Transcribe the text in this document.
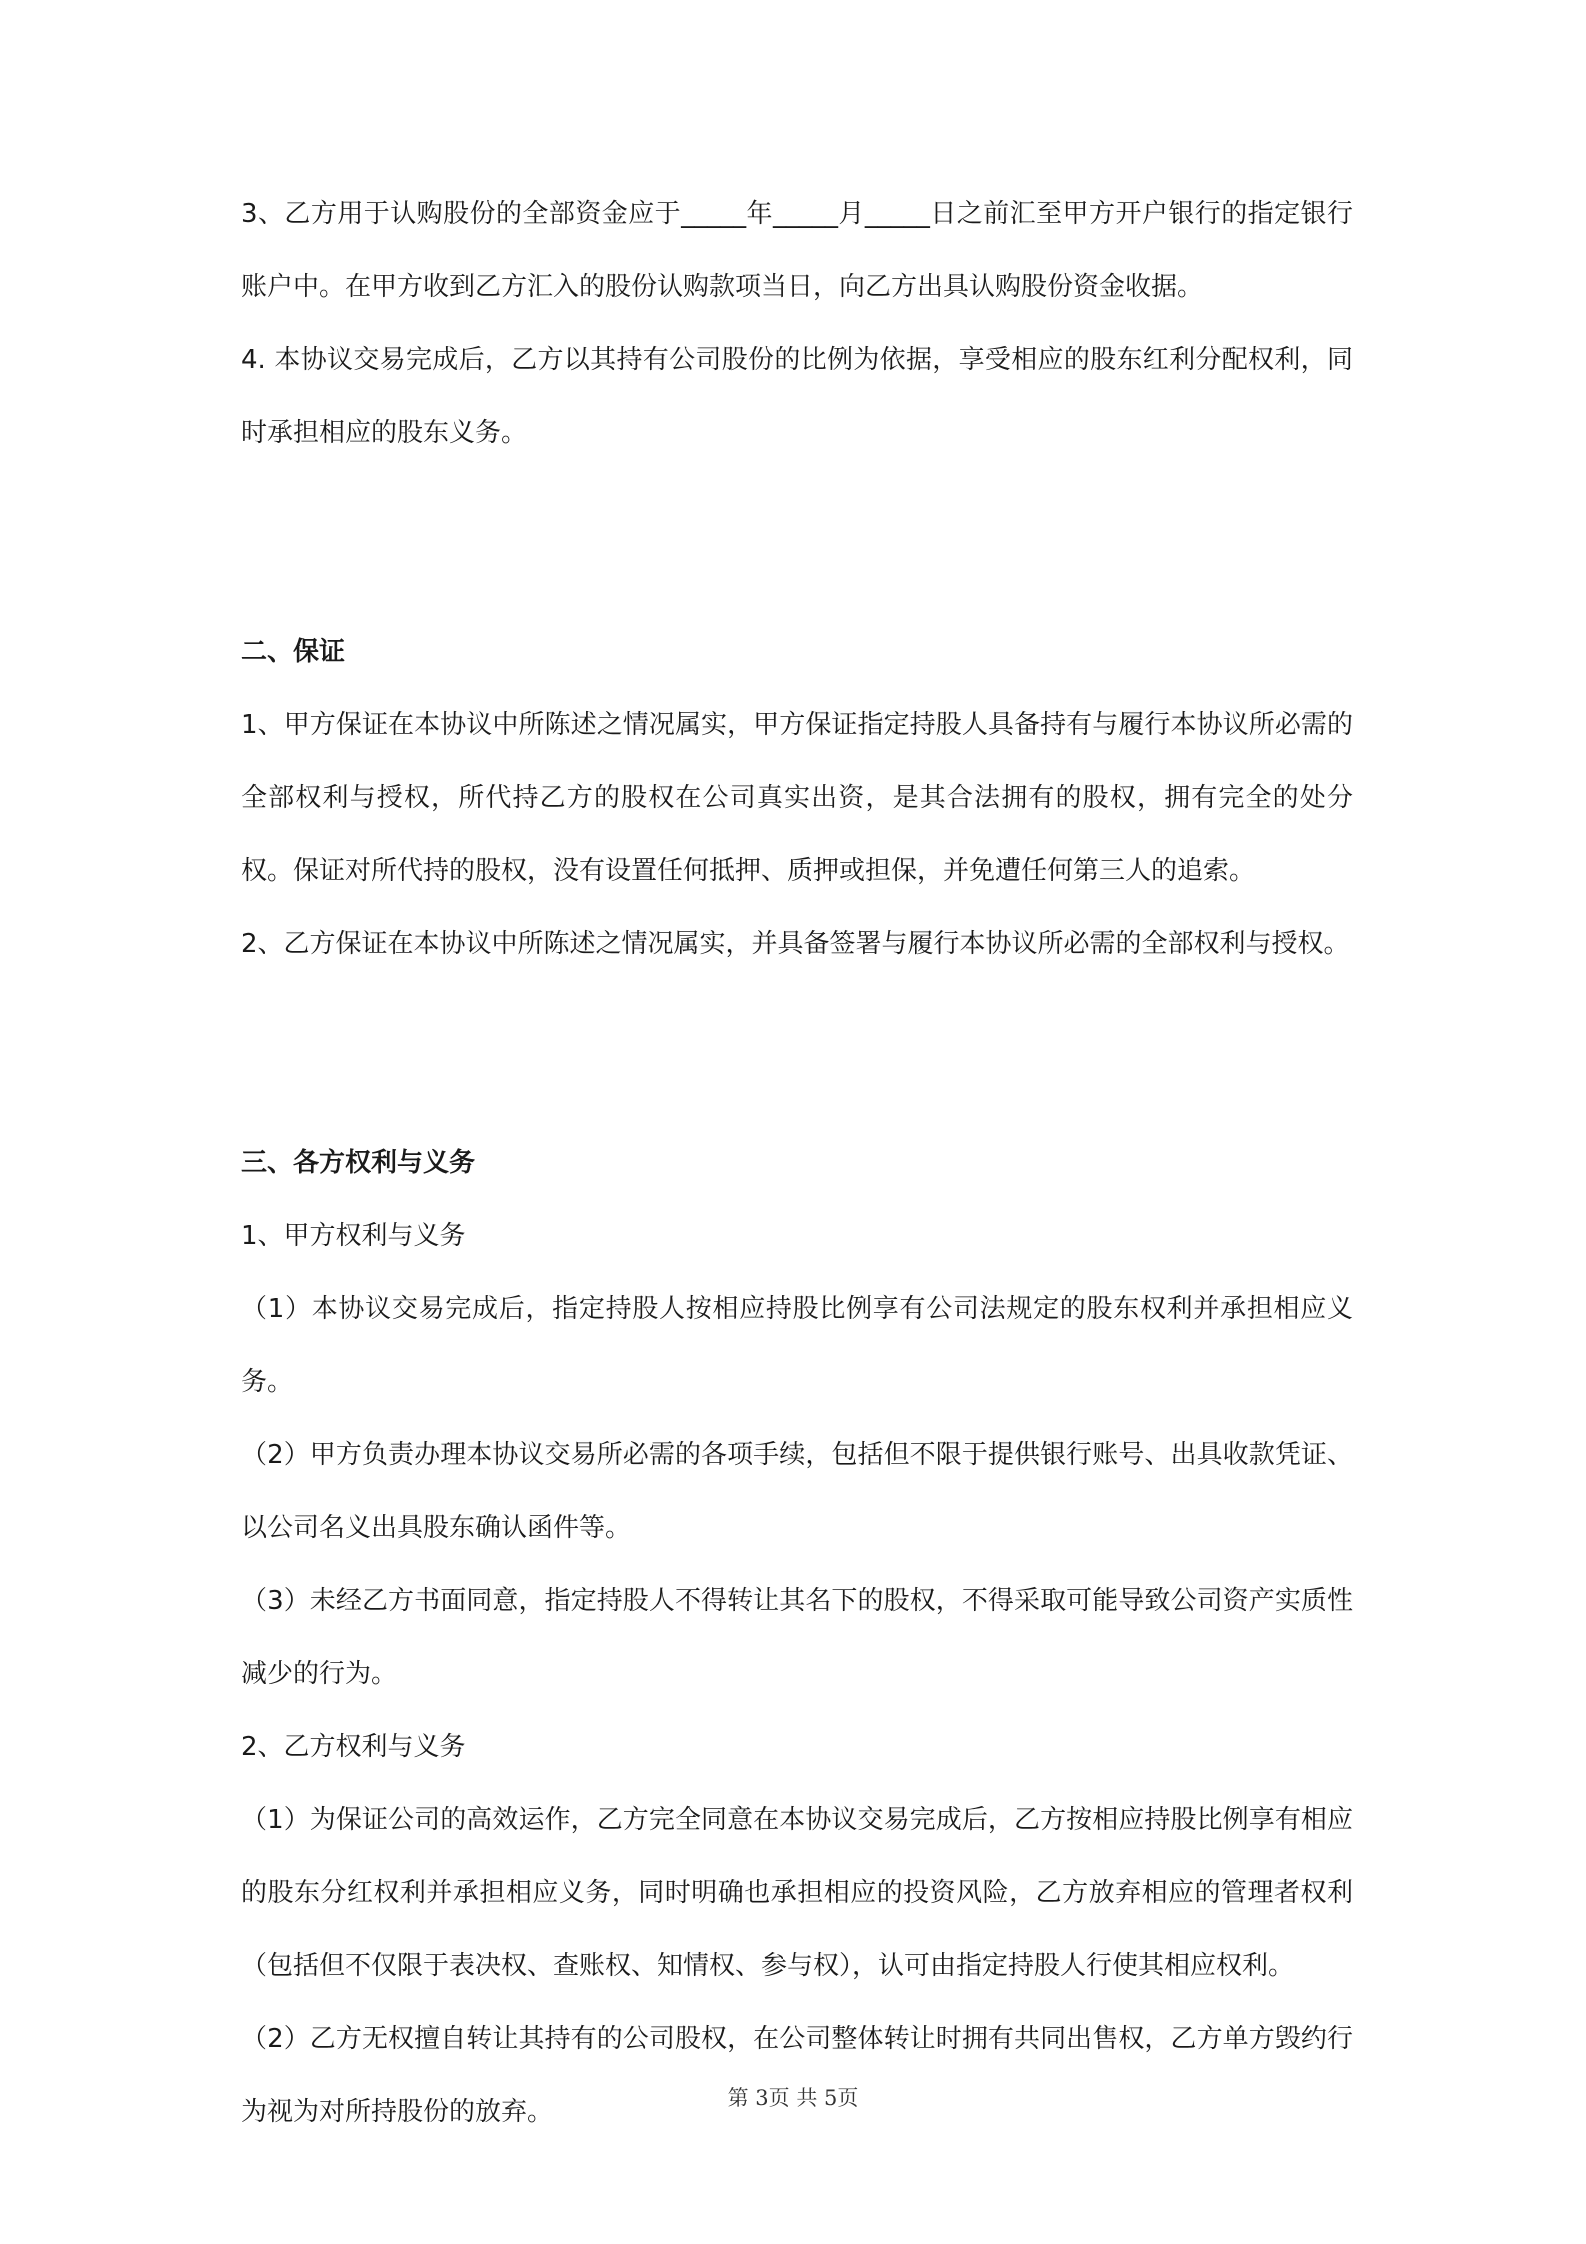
3、乙方用于认购股份的全部资金应于_____年_____月_____日之前汇至甲方开户银行的指定银行账户中。在甲方收到乙方汇入的股份认购款项当日，向乙方出具认购股份资金收据。

4. 本协议交易完成后，乙方以其持有公司股份的比例为依据，享受相应的股东红利分配权利，同时承担相应的股东义务。

二、保证

1、甲方保证在本协议中所陈述之情况属实，甲方保证指定持股人具备持有与履行本协议所必需的全部权利与授权，所代持乙方的股权在公司真实出资，是其合法拥有的股权，拥有完全的处分权。保证对所代持的股权，没有设置任何抵押、质押或担保，并免遭任何第三人的追索。

2、乙方保证在本协议中所陈述之情况属实，并具备签署与履行本协议所必需的全部权利与授权。

三、各方权利与义务

1、甲方权利与义务

（1）本协议交易完成后，指定持股人按相应持股比例享有公司法规定的股东权利并承担相应义务。

（2）甲方负责办理本协议交易所必需的各项手续，包括但不限于提供银行账号、出具收款凭证、以公司名义出具股东确认函件等。

（3）未经乙方书面同意，指定持股人不得转让其名下的股权，不得采取可能导致公司资产实质性减少的行为。

2、乙方权利与义务

（1）为保证公司的高效运作，乙方完全同意在本协议交易完成后，乙方按相应持股比例享有相应的股东分红权利并承担相应义务，同时明确也承担相应的投资风险，乙方放弃相应的管理者权利（包括但不仅限于表决权、查账权、知情权、参与权），认可由指定持股人行使其相应权利。

（2）乙方无权擅自转让其持有的公司股权，在公司整体转让时拥有共同出售权，乙方单方毁约行为视为对所持股份的放弃。	第 3页 共 5页
